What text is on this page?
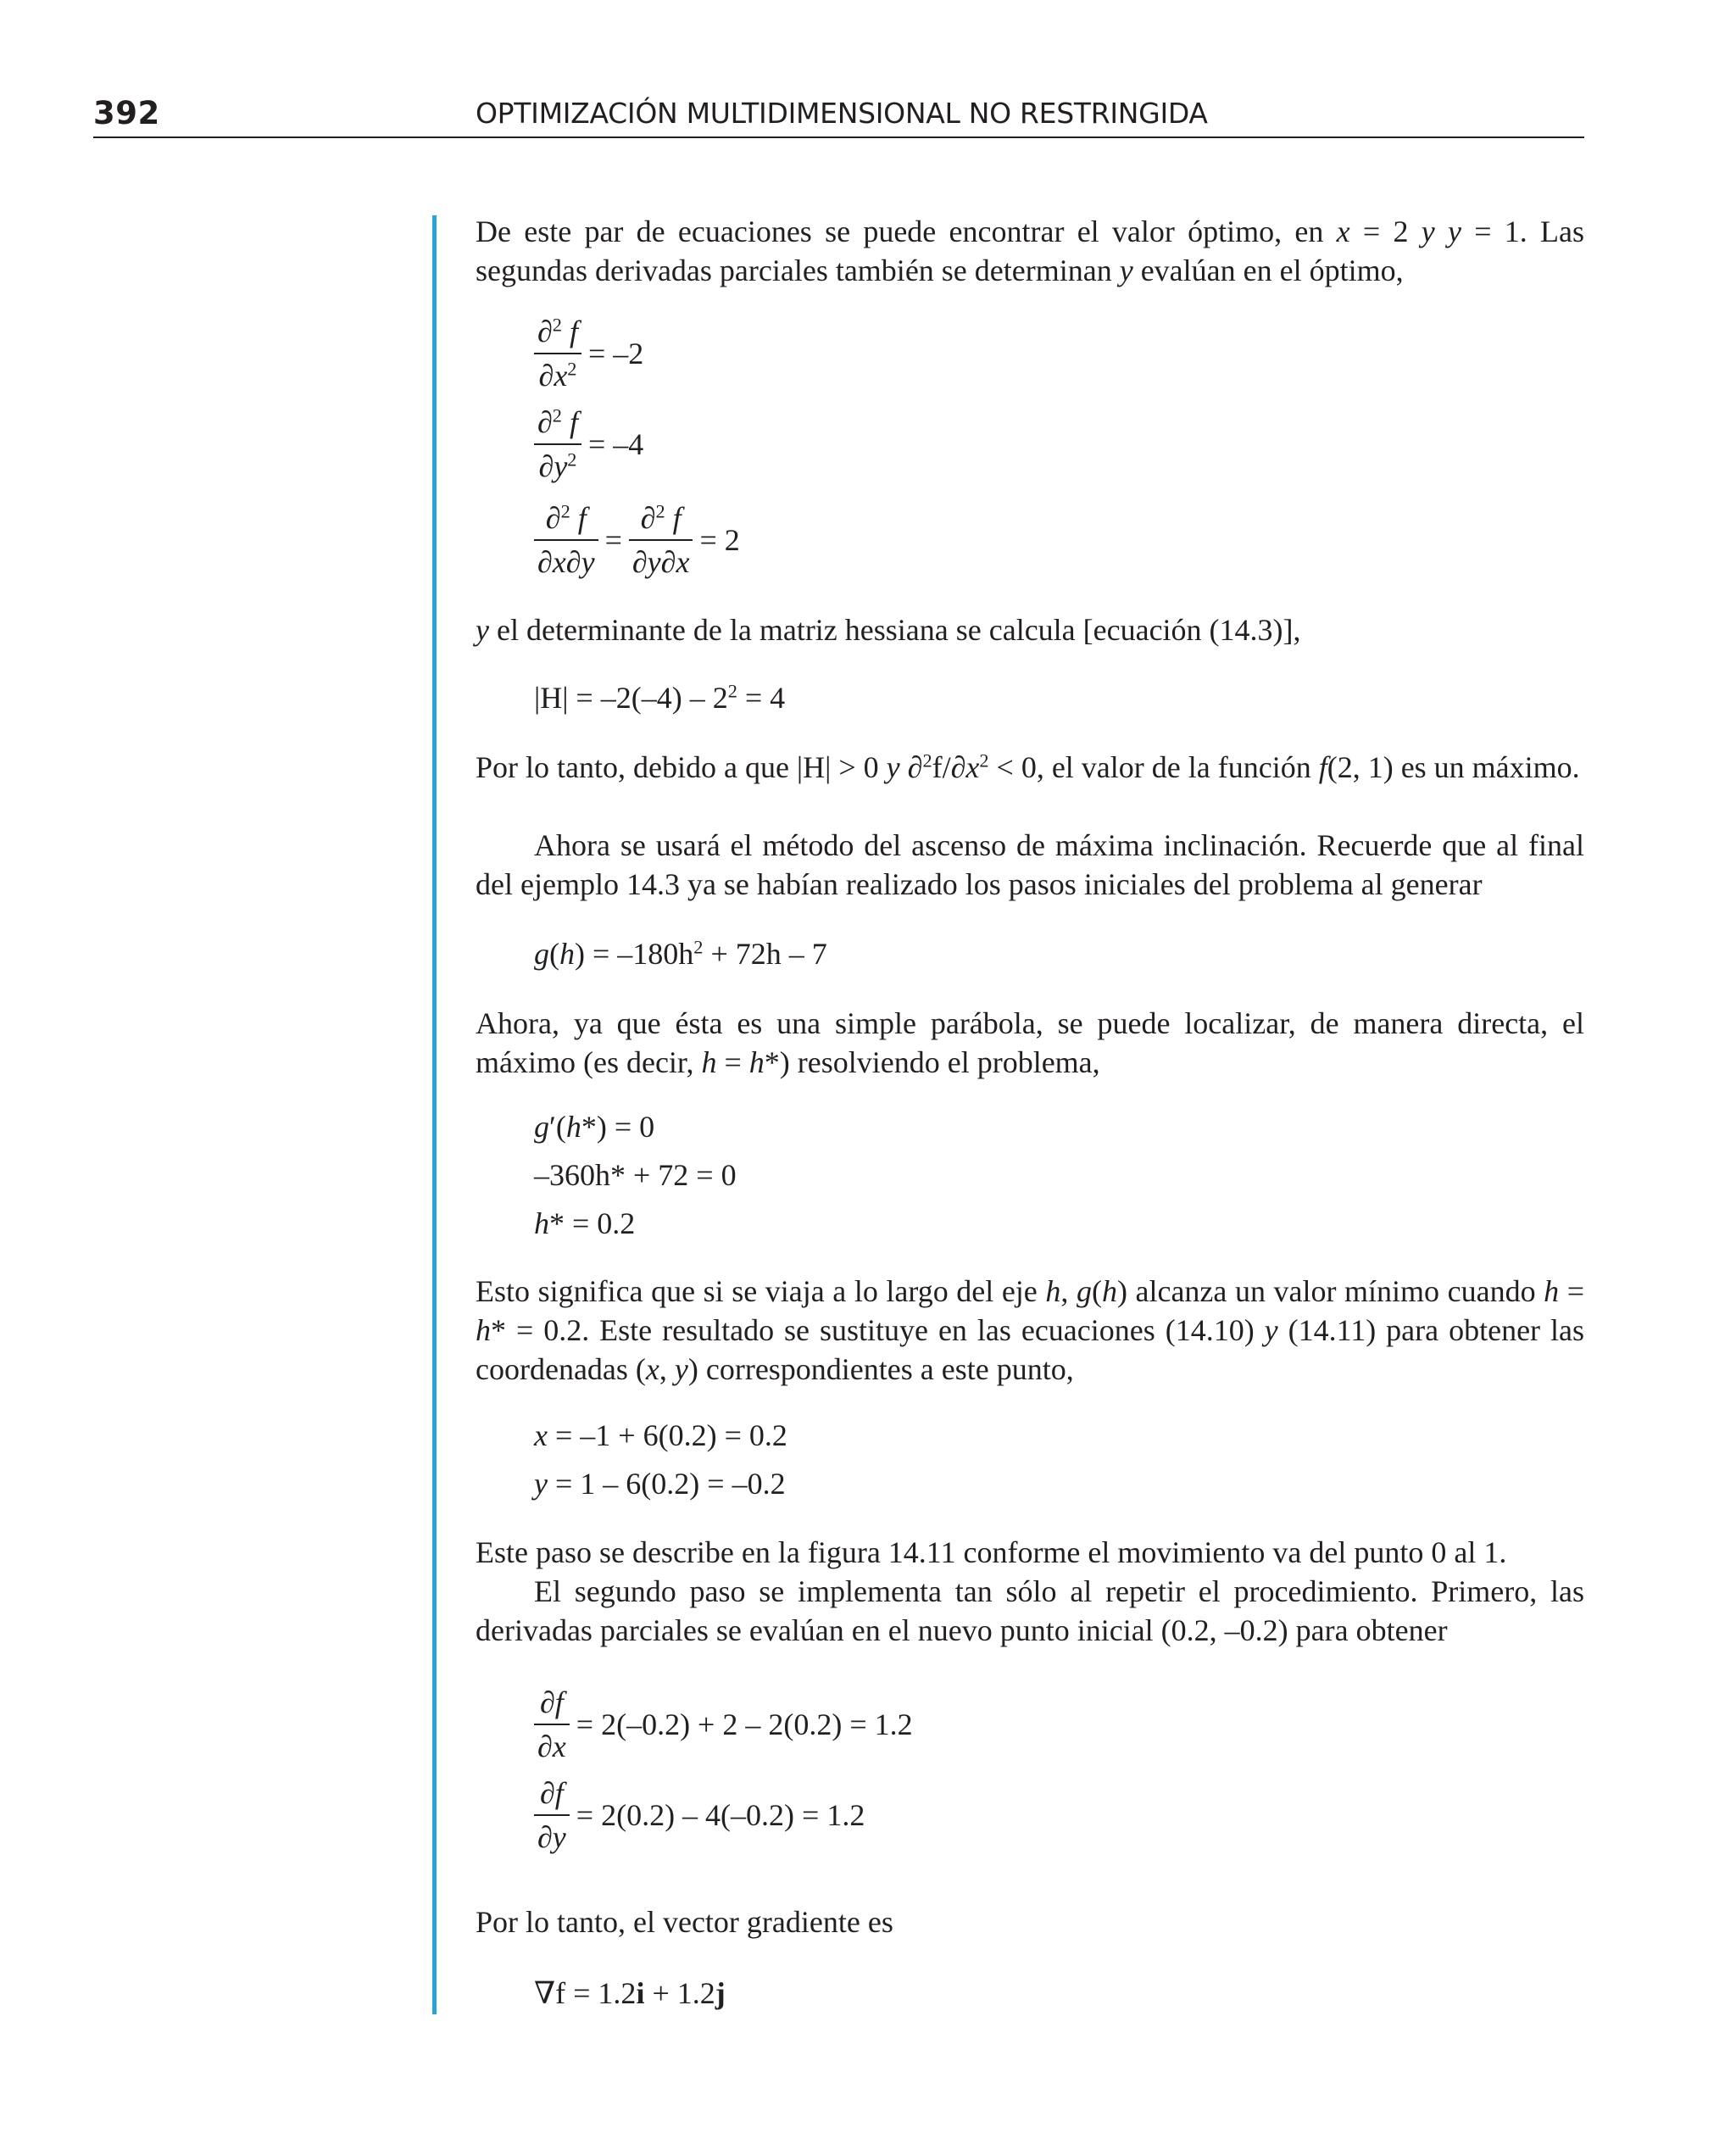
392	OPTIMIZACIÓN MULTIDIMENSIONAL NO RESTRINGIDA
De este par de ecuaciones se puede encontrar el valor óptimo, en x = 2 y y = 1. Las segundas derivadas parciales también se determinan y evalúan en el óptimo,
$\frac{\partial^2 f}{\partial x^2} = -2$
$\frac{\partial^2 f}{\partial y^2} = -4$
$\frac{\partial^2 f}{\partial x\partial y} = \frac{\partial^2 f}{\partial y\partial x} = 2$
y el determinante de la matriz hessiana se calcula [ecuación (14.3)],
$|H| = -2(-4) - 2^2 = 4$
Por lo tanto, debido a que |H| > 0 y $\partial^2f/\partial x^2 < 0$, el valor de la función f(2, 1) es un máximo.
Ahora se usará el método del ascenso de máxima inclinación. Recuerde que al final del ejemplo 14.3 ya se habían realizado los pasos iniciales del problema al generar
$g(h) = -180h^2 + 72h - 7$
Ahora, ya que ésta es una simple parábola, se puede localizar, de manera directa, el máximo (es decir, h = h*) resolviendo el problema,
g′(h*) = 0
–360h* + 72 = 0
h* = 0.2
Esto significa que si se viaja a lo largo del eje h, g(h) alcanza un valor mínimo cuando h = h* = 0.2. Este resultado se sustituye en las ecuaciones (14.10) y (14.11) para obtener las coordenadas (x, y) correspondientes a este punto,
x = –1 + 6(0.2) = 0.2
y = 1 – 6(0.2) = –0.2
Este paso se describe en la figura 14.11 conforme el movimiento va del punto 0 al 1.
El segundo paso se implementa tan sólo al repetir el procedimiento. Primero, las derivadas parciales se evalúan en el nuevo punto inicial (0.2, –0.2) para obtener
$\frac{\partial f}{\partial x} = 2(-0.2) + 2 - 2(0.2) = 1.2$
$\frac{\partial f}{\partial y} = 2(0.2) - 4(-0.2) = 1.2$
Por lo tanto, el vector gradiente es
∇f = 1.2i + 1.2j
